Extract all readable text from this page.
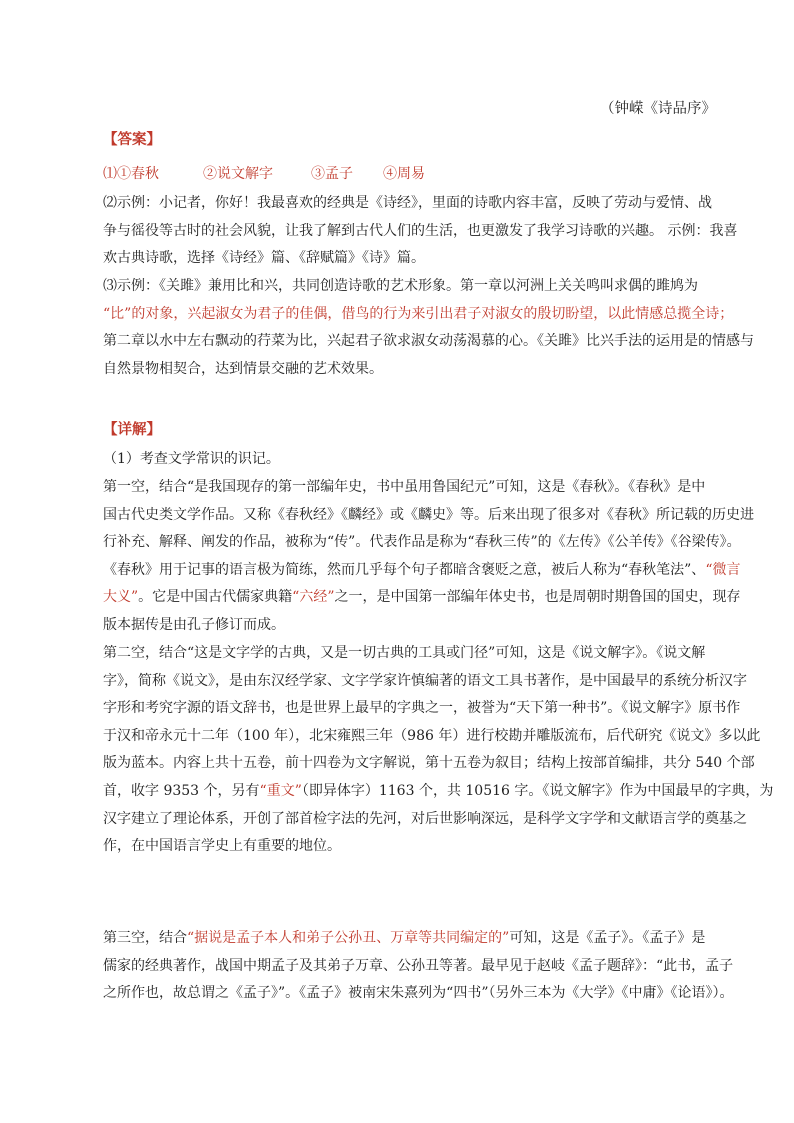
（钟嵘《诗品序》
【答案】
⑴①春秋	②说文解字	③孟子 ④周易
⑵示例：小记者，你好！我最喜欢的经典是《诗经》，里面的诗歌内容丰富，反映了劳动与爱情、战
争与徭役等古时的社会风貌，让我了解到古代人们的生活，也更激发了我学习诗歌的兴趣。 示例：我喜
欢古典诗歌，选择《诗经》篇、《辞赋篇》《诗》篇。
⑶示例：《关雎》兼用比和兴，共同创造诗歌的艺术形象。第一章以河洲上关关鸣叫求偶的雎鸠为
“比”的对象，兴起淑女为君子的佳偶，借鸟的行为来引出君子对淑女的殷切盼望，以此情感总揽全诗；
第二章以水中左右飘动的荇菜为比，兴起君子欲求淑女动荡渴慕的心。《关雎》比兴手法的运用是的情感与
自然景物相契合，达到情景交融的艺术效果。
【详解】
（1）考查文学常识的识记。
第一空，结合“是我国现存的第一部编年史，书中虽用鲁国纪元”可知，这是《春秋》。《春秋》是中
国古代史类文学作品。又称《春秋经》《麟经》或《麟史》等。后来出现了很多对《春秋》所记载的历史进
行补充、解释、阐发的作品，被称为“传”。代表作品是称为“春秋三传”的《左传》《公羊传》《谷梁传》。
《春秋》用于记事的语言极为简练，然而几乎每个句子都暗含褒贬之意，被后人称为“春秋笔法”、“微言
大义”。它是中国古代儒家典籍“六经”之一，是中国第一部编年体史书，也是周朝时期鲁国的国史，现存
版本据传是由孔子修订而成。
第二空，结合“这是文字学的古典，又是一切古典的工具或门径”可知，这是《说文解字》。《说文解
字》，简称《说文》，是由东汉经学家、文字学家许慎编著的语文工具书著作，是中国最早的系统分析汉字
字形和考究字源的语文辞书，也是世界上最早的字典之一，被誉为“天下第一种书”。《说文解字》原书作
于汉和帝永元十二年（100 年），北宋雍熙三年（986 年）进行校勘并雕版流布，后代研究《说文》多以此
版为蓝本。内容上共十五卷，前十四卷为文字解说，第十五卷为叙目；结构上按部首编排，共分 540 个部
首，收字 9353 个，另有“重文”（即异体字）1163 个，共 10516 字。《说文解字》作为中国最早的字典，为
汉字建立了理论体系，开创了部首检字法的先河，对后世影响深远，是科学文字学和文献语言学的奠基之
作，在中国语言学史上有重要的地位。
第三空，结合“据说是孟子本人和弟子公孙丑、万章等共同编定的”可知，这是《孟子》。《孟子》是
儒家的经典著作，战国中期孟子及其弟子万章、公孙丑等著。最早见于赵岐《孟子题辞》：“此书，孟子
之所作也，故总谓之《孟子》”。《孟子》被南宋朱熹列为“四书”（另外三本为《大学》《中庸》《论语》）。
